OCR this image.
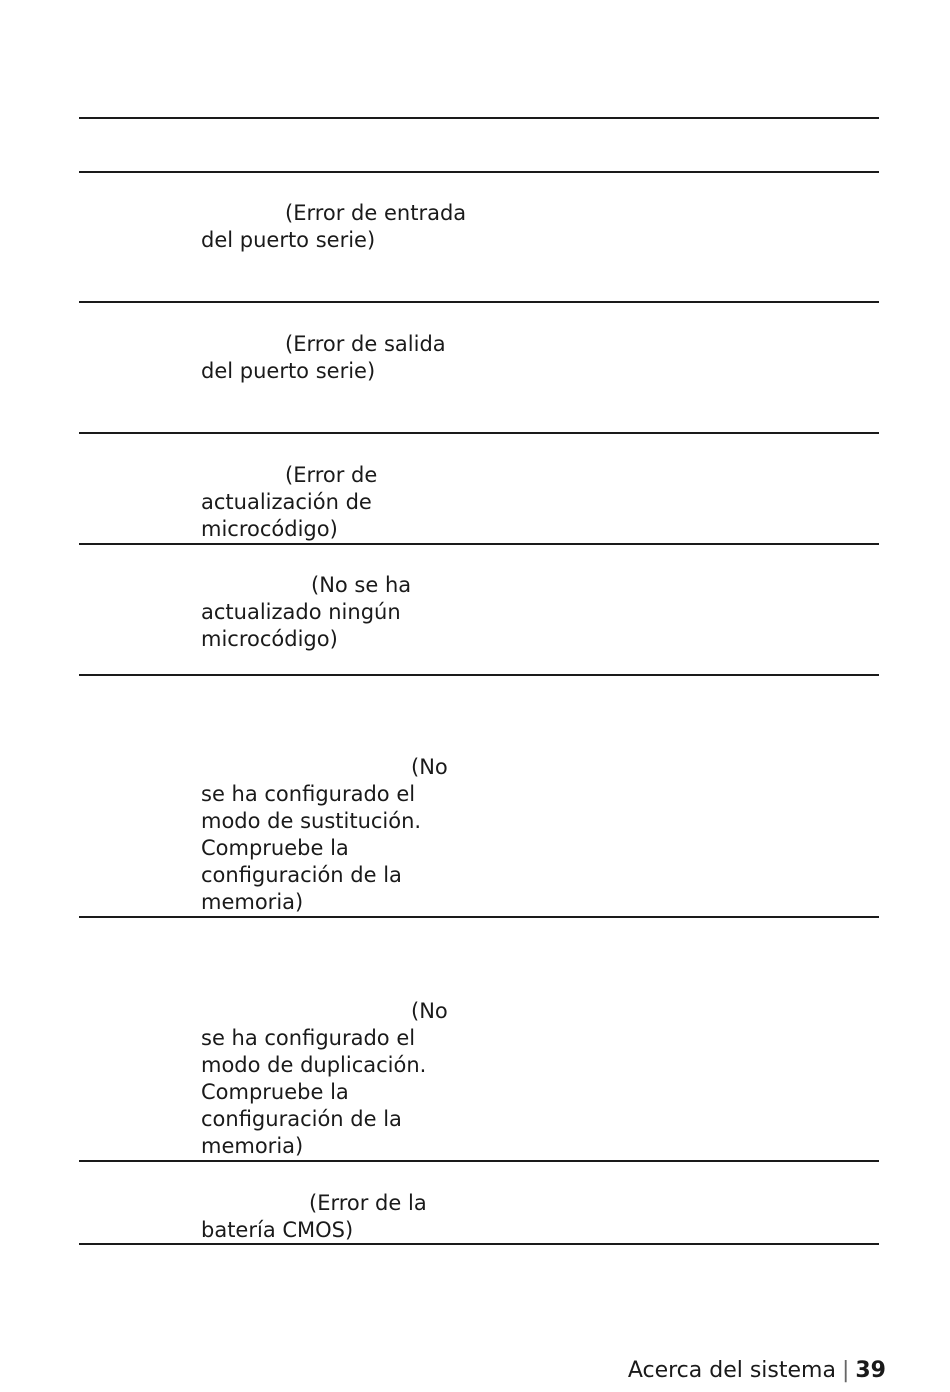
(Error de entrada
del puerto serie)
(Error de salida
del puerto serie)
(Error de
actualización de
microcódigo)
(No se ha
actualizado ningún
microcódigo)
(No
se ha configurado el
modo de sustitución.
Compruebe la
configuración de la
memoria)
(No
se ha configurado el
modo de duplicación.
Compruebe la
configuración de la
memoria)
(Error de la
batería CMOS)
Acerca del sistema | 39
